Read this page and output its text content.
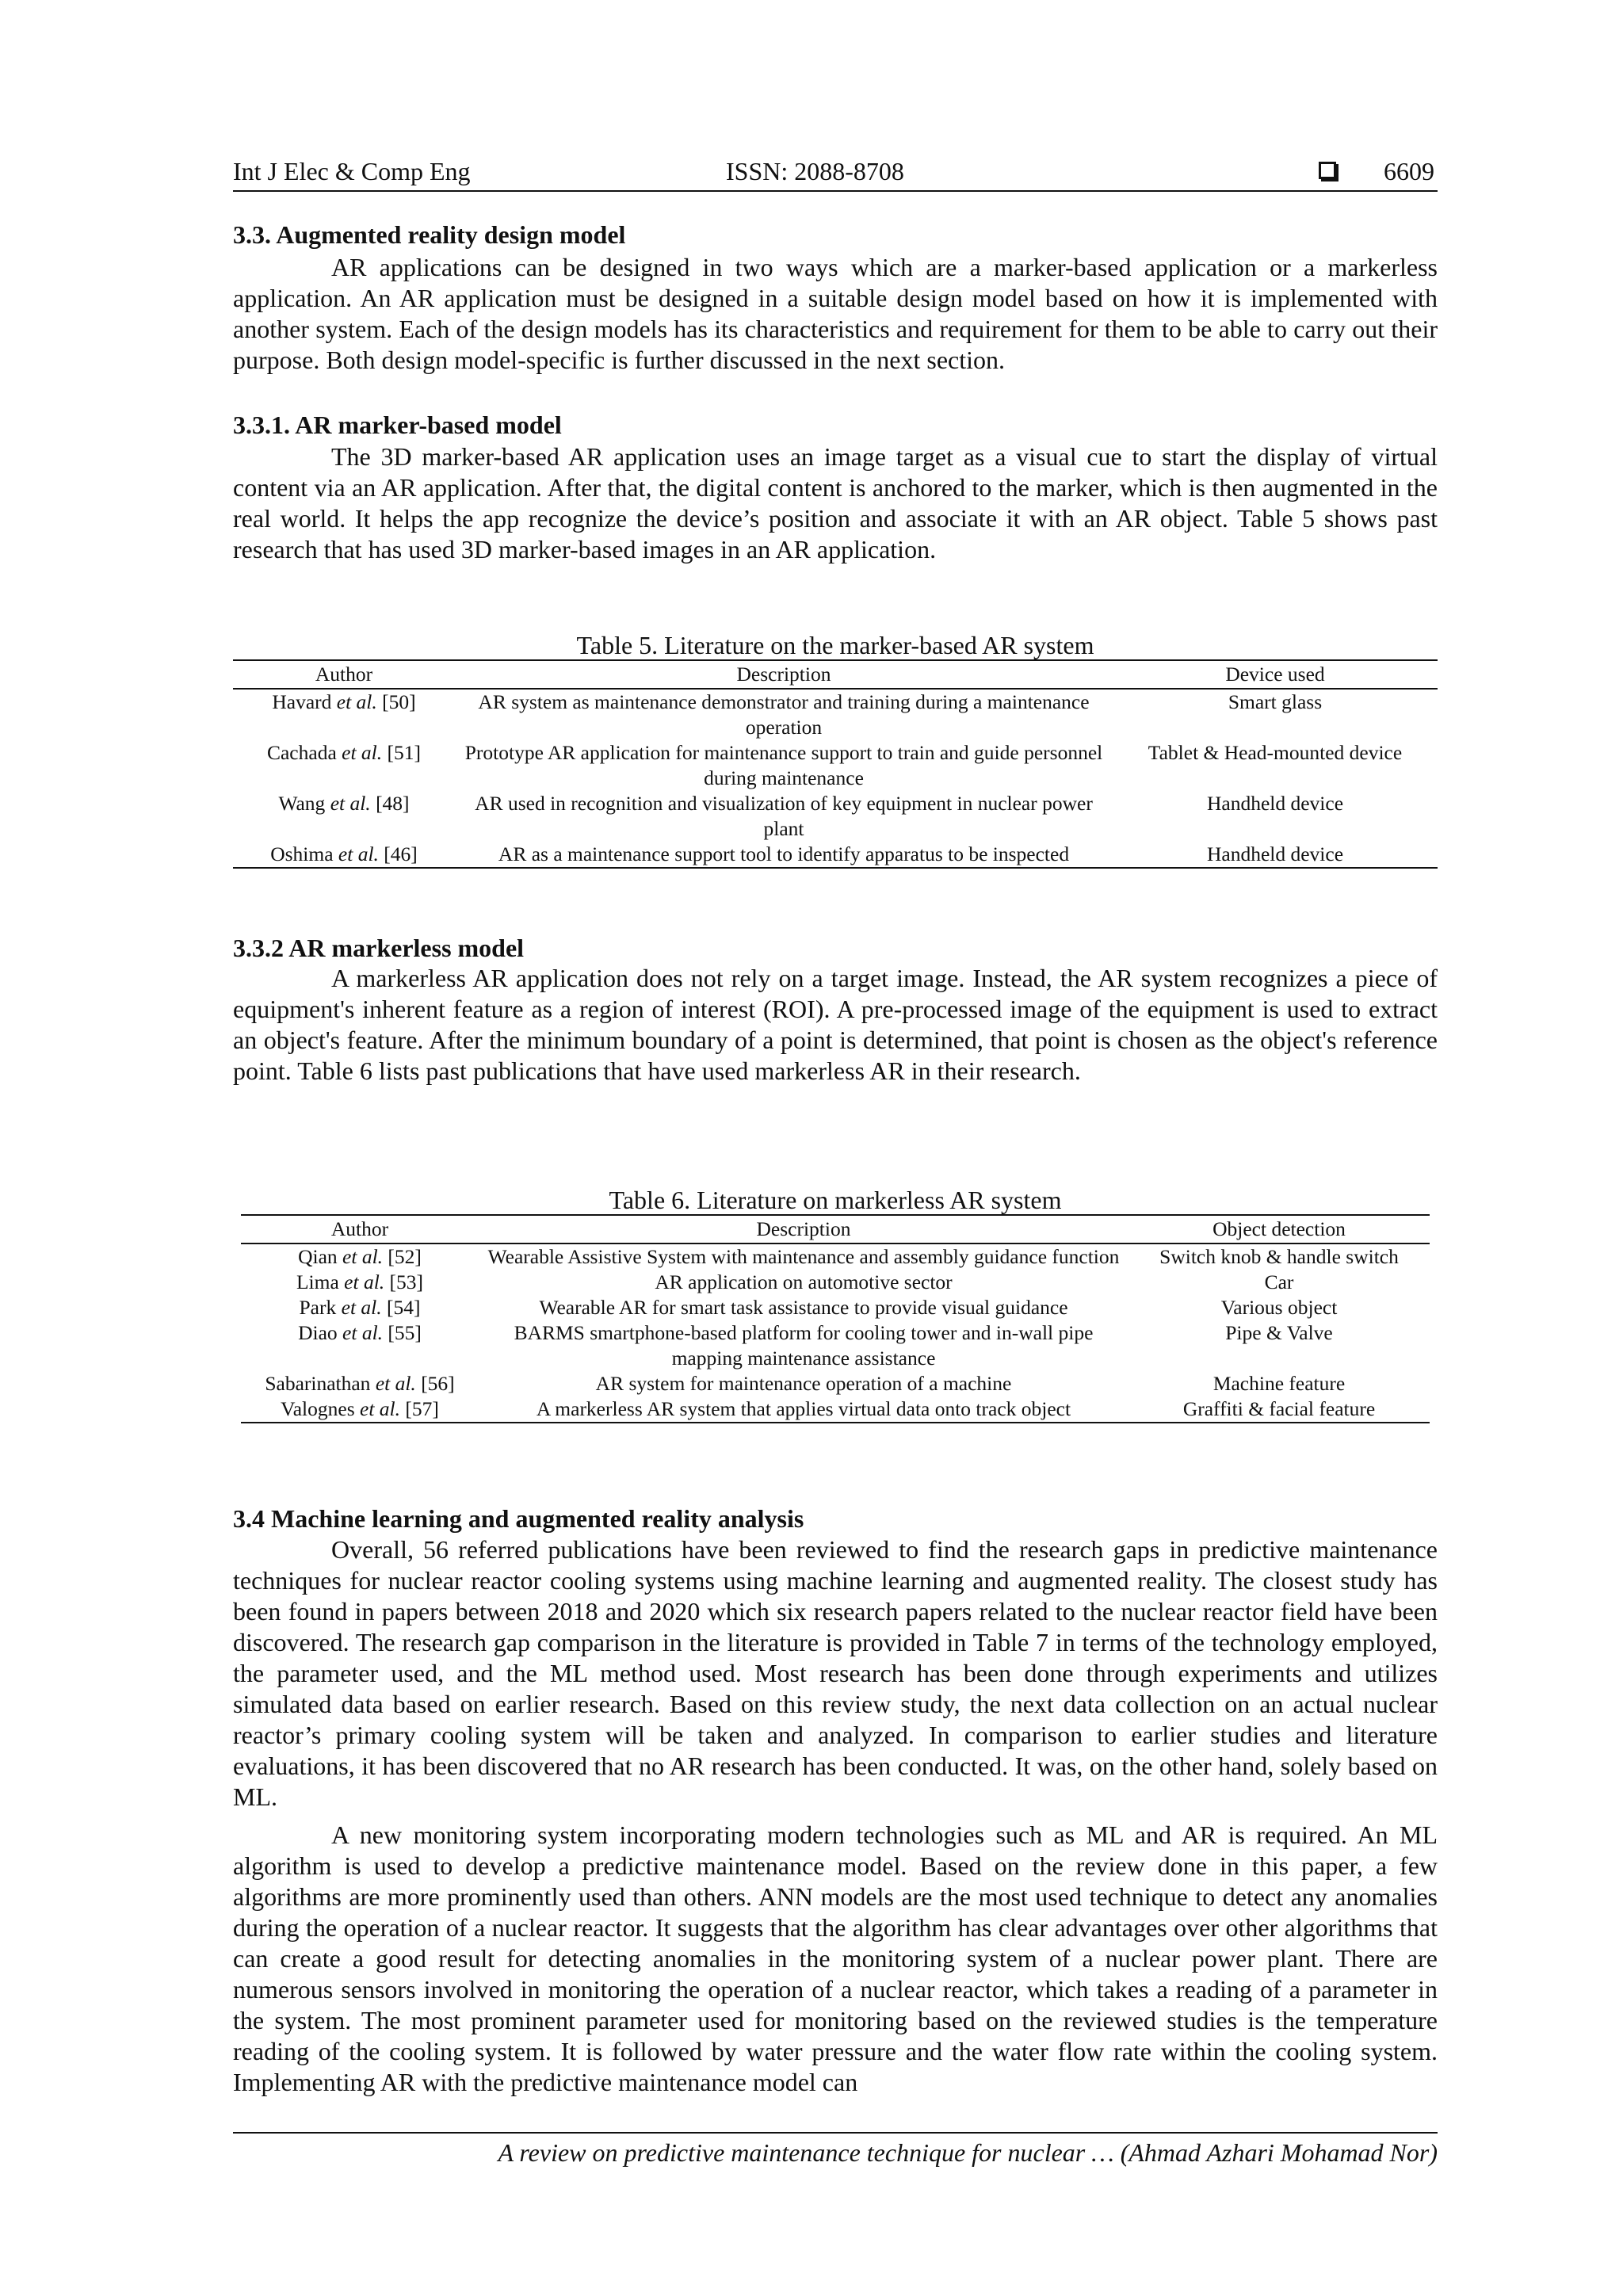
Int J Elec & Comp Eng	ISSN: 2088-8708	6609
3.3. Augmented reality design model

AR applications can be designed in two ways which are a marker-based application or a markerless application. An AR application must be designed in a suitable design model based on how it is implemented with another system. Each of the design models has its characteristics and requirement for them to be able to carry out their purpose. Both design model-specific is further discussed in the next section.

3.3.1. AR marker-based model

The 3D marker-based AR application uses an image target as a visual cue to start the display of virtual content via an AR application. After that, the digital content is anchored to the marker, which is then augmented in the real world. It helps the app recognize the device’s position and associate it with an AR object. Table 5 shows past research that has used 3D marker-based images in an AR application.

Table 5. Literature on the marker-based AR system
Author	Description	Device used
Havard et al. [50]	AR system as maintenance demonstrator and training during a maintenance operation	Smart glass
Cachada et al. [51]	Prototype AR application for maintenance support to train and guide personnel during maintenance	Tablet & Head-mounted device
Wang et al. [48]	AR used in recognition and visualization of key equipment in nuclear power plant	Handheld device
Oshima et al. [46]	AR as a maintenance support tool to identify apparatus to be inspected	Handheld device
3.3.2 AR markerless model

A markerless AR application does not rely on a target image. Instead, the AR system recognizes a piece of equipment's inherent feature as a region of interest (ROI). A pre-processed image of the equipment is used to extract an object's feature. After the minimum boundary of a point is determined, that point is chosen as the object's reference point. Table 6 lists past publications that have used markerless AR in their research.

Table 6. Literature on markerless AR system
Author	Description	Object detection
Qian et al. [52]	Wearable Assistive System with maintenance and assembly guidance function	Switch knob & handle switch
Lima et al. [53]	AR application on automotive sector	Car
Park et al. [54]	Wearable AR for smart task assistance to provide visual guidance	Various object
Diao et al. [55]	BARMS smartphone-based platform for cooling tower and in-wall pipe mapping maintenance assistance	Pipe & Valve
Sabarinathan et al. [56]	AR system for maintenance operation of a machine	Machine feature
Valognes et al. [57]	A markerless AR system that applies virtual data onto track object	Graffiti & facial feature
3.4 Machine learning and augmented reality analysis

Overall, 56 referred publications have been reviewed to find the research gaps in predictive maintenance techniques for nuclear reactor cooling systems using machine learning and augmented reality. The closest study has been found in papers between 2018 and 2020 which six research papers related to the nuclear reactor field have been discovered. The research gap comparison in the literature is provided in Table 7 in terms of the technology employed, the parameter used, and the ML method used. Most research has been done through experiments and utilizes simulated data based on earlier research. Based on this review study, the next data collection on an actual nuclear reactor’s primary cooling system will be taken and analyzed. In comparison to earlier studies and literature evaluations, it has been discovered that no AR research has been conducted. It was, on the other hand, solely based on ML.

A new monitoring system incorporating modern technologies such as ML and AR is required. An ML algorithm is used to develop a predictive maintenance model. Based on the review done in this paper, a few algorithms are more prominently used than others. ANN models are the most used technique to detect any anomalies during the operation of a nuclear reactor. It suggests that the algorithm has clear advantages over other algorithms that can create a good result for detecting anomalies in the monitoring system of a nuclear power plant. There are numerous sensors involved in monitoring the operation of a nuclear reactor, which takes a reading of a parameter in the system. The most prominent parameter used for monitoring based on the reviewed studies is the temperature reading of the cooling system. It is followed by water pressure and the water flow rate within the cooling system. Implementing AR with the predictive maintenance model can

A review on predictive maintenance technique for nuclear … (Ahmad Azhari Mohamad Nor)
